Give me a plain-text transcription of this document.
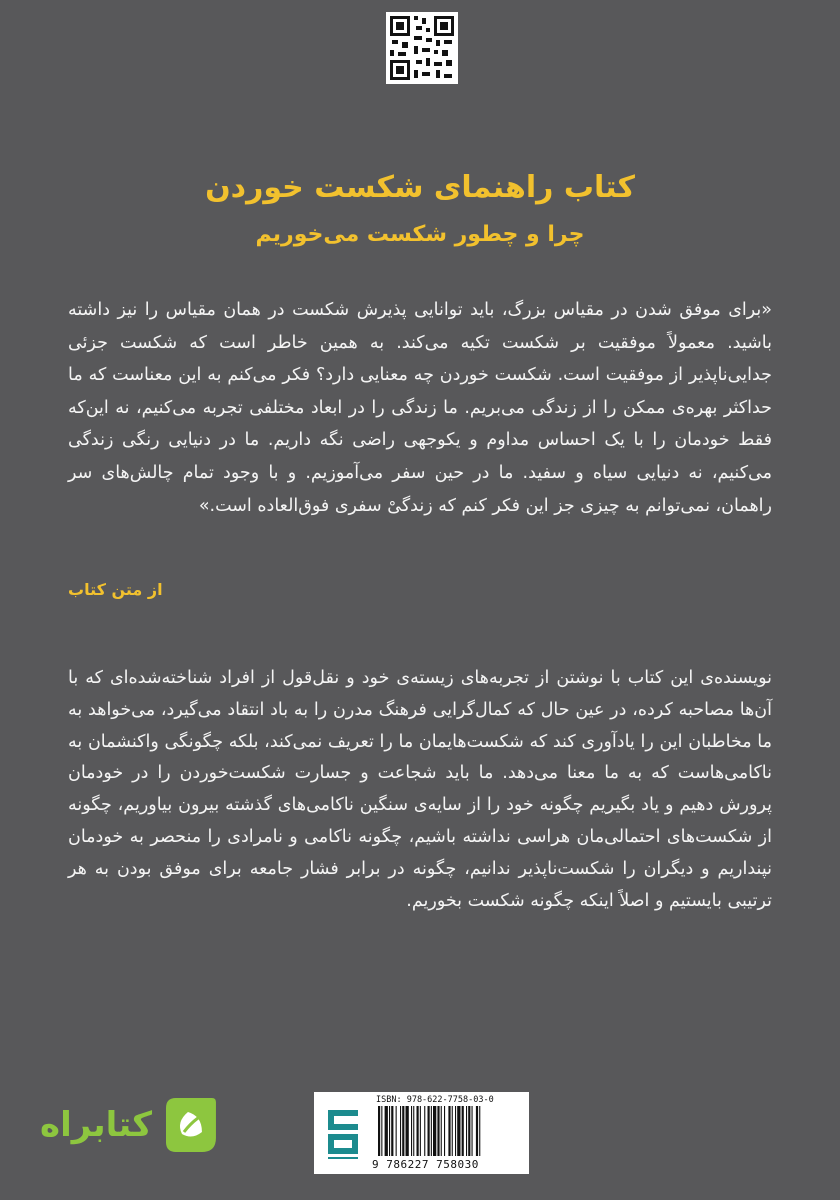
کتاب راهنمای شکست خوردن
چرا و چطور شکست می‌خوریم

«برای موفق شدن در مقیاس بزرگ، باید توانایی پذیرش شکست در همان مقیاس را نیز داشته باشید. معمولاً موفقیت بر شکست تکیه می‌کند. به همین خاطر است که شکست جزئی جدایی‌ناپذیر از موفقیت است. شکست خوردن چه معنایی دارد؟ فکر می‌کنم به این معناست که ما حداکثر بهره‌ی ممکن را از زندگی می‌بریم. ما زندگی را در ابعاد مختلفی تجربه می‌کنیم، نه این‌که فقط خودمان را با یک احساس مداوم و یکوجهی راضی نگه داریم. ما در دنیایی رنگی زندگی می‌کنیم، نه دنیایی سیاه و سفید. ما در حین سفر می‌آموزیم. و با وجود تمام چالش‌های سر راهمان، نمی‌توانم به چیزی جز این فکر کنم که زندگیْ سفری فوق‌العاده است.»

از متن کتاب

نویسنده‌ی این کتاب با نوشتن از تجربه‌های زیسته‌ی خود و نقل‌قول از افراد شناخته‌شده‌ای که با آن‌ها مصاحبه کرده، در عین حال که کمال‌گرایی فرهنگ مدرن را به باد انتقاد می‌گیرد، می‌خواهد به ما مخاطبان این را یادآوری کند که شکست‌هایمان ما را تعریف نمی‌کند، بلکه چگونگی واکنشمان به ناکامی‌هاست که به ما معنا می‌دهد. ما باید شجاعت و جسارت شکست‌خوردن را در خودمان پرورش دهیم و یاد بگیریم چگونه خود را از سایه‌ی سنگین ناکامی‌های گذشته بیرون بیاوریم، چگونه از شکست‌های احتمالی‌مان هراسی نداشته باشیم، چگونه ناکامی و نامرادی را منحصر به خودمان نپنداریم و دیگران را شکست‌ناپذیر ندانیم، چگونه در برابر فشار جامعه برای موفق بودن به هر ترتیبی بایستیم و اصلاً اینکه چگونه شکست بخوریم.

کتابراه
ISBN: 978-622-7758-03-0
9 786227 758030
